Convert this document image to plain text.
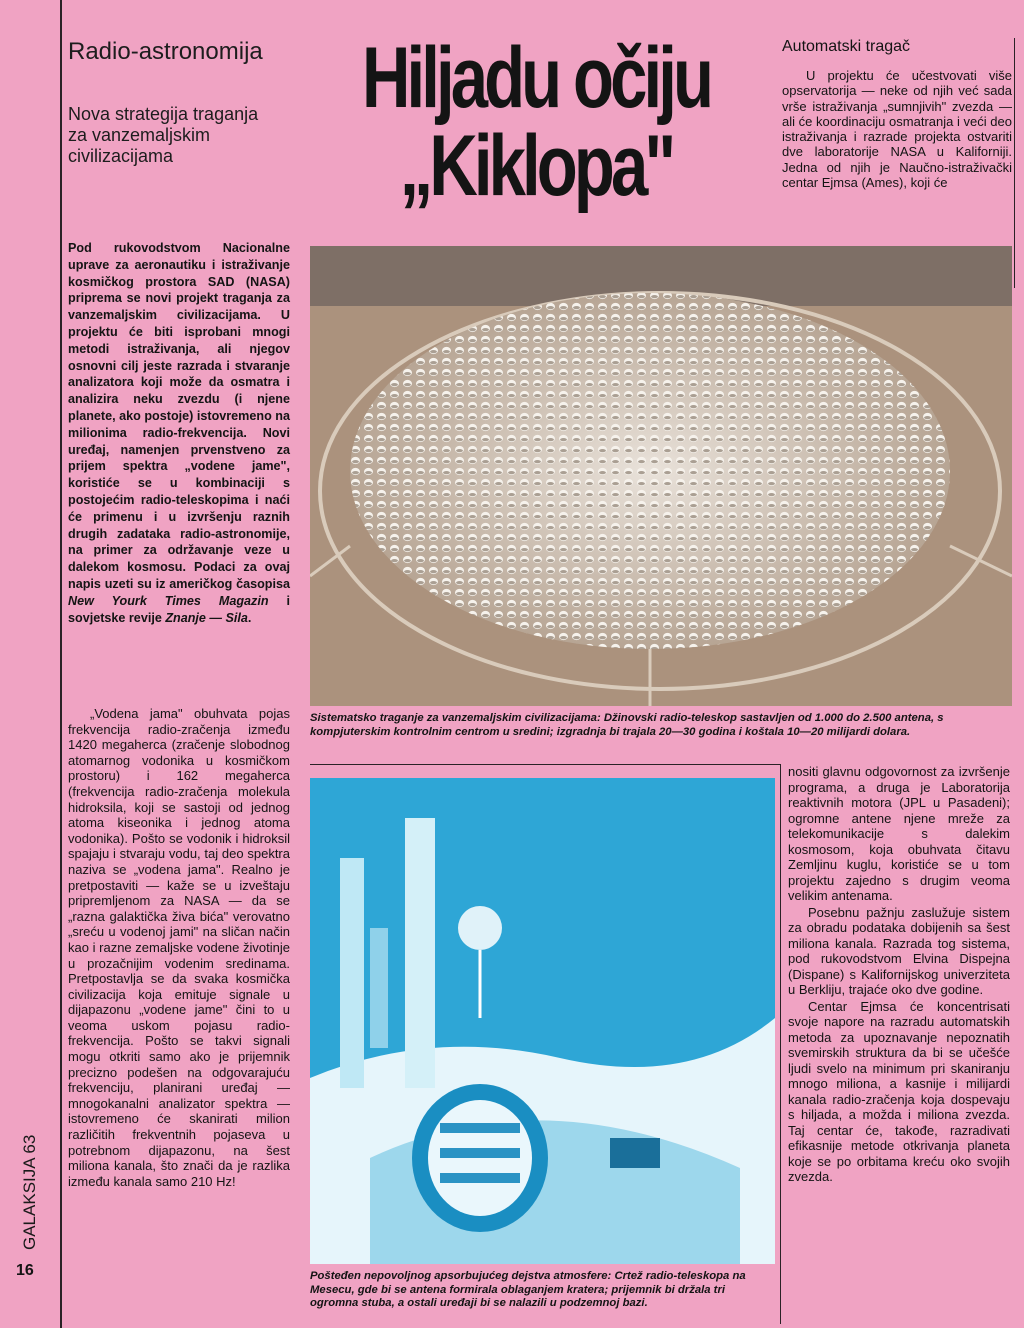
Radio-astronomija
Nova strategija traganja za vanzemaljskim civilizacijama
Hiljadu očiju
„Kiklopa"
Automatski tragač
U projektu će učestvovati više opservatorija — neke od njih već sada vrše istraživanja „sumnjivih" zvezda — ali će koordinaciju osmatranja i veći deo istraživanja i razrade projekta ostvariti dve laboratorije NASA u Kaliforniji. Jedna od njih je Naučno-istraživački centar Ejmsa (Ames), koji će
Pod rukovodstvom Nacionalne uprave za aeronautiku i istraživanje kosmičkog prostora SAD (NASA) priprema se novi projekt traganja za vanzemaljskim civilizacijama. U projektu će biti isprobani mnogi metodi istraživanja, ali njegov osnovni cilj jeste razrada i stvaranje analizatora koji može da osmatra i analizira neku zvezdu (i njene planete, ako postoje) istovremeno na milionima radio-frekvencija. Novi uređaj, namenjen prvenstveno za prijem spektra „vodene jame", koristiće se u kombinaciji s postojećim radio-teleskopima i naći će primenu i u izvršenju raznih drugih zadataka radio-astronomije, na primer za održavanje veze u dalekom kosmosu. Podaci za ovaj napis uzeti su iz američkog časopisa New Yourk Times Magazin i sovjetske revije Znanje — Sila.
„Vodena jama" obuhvata pojas frekvencija radio-zračenja između 1420 megaherca (zračenje slobodnog atomarnog vodonika u kosmičkom prostoru) i 162 megaherca (frekvencija radio-zračenja molekula hidroksila, koji se sastoji od jednog atoma kiseonika i jednog atoma vodonika). Pošto se vodonik i hidroksil spajaju i stvaraju vodu, taj deo spektra naziva se „vodena jama". Realno je pretpostaviti — kaže se u izveštaju pripremljenom za NASA — da se „razna galaktička živa bića" verovatno „sreću u vodenoj jami" na sličan način kao i razne zemaljske vodene životinje u prozačnijim vodenim sredinama. Pretpostavlja se da svaka kosmička civilizacija koja emituje signale u dijapazonu „vodene jame" čini to u veoma uskom pojasu radio-frekvencija. Pošto se takvi signali mogu otkriti samo ako je prijemnik precizno podešen na odgovarajuću frekvenciju, planirani uređaj — mnogokanalni analizator spektra — istovremeno će skanirati milion različitih frekventnih pojaseva u potrebnom dijapazonu, na šest miliona kanala, što znači da je razlika između kanala samo 210 Hz!
Sistematsko traganje za vanzemaljskim civilizacijama: Džinovski radio-teleskop sastavljen od 1.000 do 2.500 antena, s kompjuterskim kontrolnim centrom u sredini; izgradnja bi trajala 20—30 godina i koštala 10—20 milijardi dolara.
Pošteđen nepovoljnog apsorbujućeg dejstva atmosfere: Crtež radio-teleskopa na Mesecu, gde bi se antena formirala oblaganjem kratera; prijemnik bi držala tri ogromna stuba, a ostali uređaji bi se nalazili u podzemnoj bazi.

nositi glavnu odgovornost za izvršenje programa, a druga je Laboratorija reaktivnih motora (JPL u Pasadeni); ogromne antene njene mreže za telekomunikacije s dalekim kosmosom, koja obuhvata čitavu Zemljinu kuglu, koristiće se u tom projektu zajedno s drugim veoma velikim antenama.

Posebnu pažnju zaslužuje sistem za obradu podataka dobijenih sa šest miliona kanala. Razrada tog sistema, pod rukovodstvom Elvina Dispejna (Dispane) s Kalifornijskog univerziteta u Berkliju, trajaće oko dve godine.

Centar Ejmsa će koncentrisati svoje napore na razradu automatskih metoda za upoznavanje nepoznatih svemirskih struktura da bi se učešće ljudi svelo na minimum pri skaniranju mnogo miliona, a kasnije i milijardi kanala radio-zračenja koja dospevaju s hiljada, a možda i miliona zvezda. Taj centar će, takođe, razradivati efikasnije metode otkrivanja planeta koje se po orbitama kreću oko svojih zvezda.

GALAKSIJA 63
16
